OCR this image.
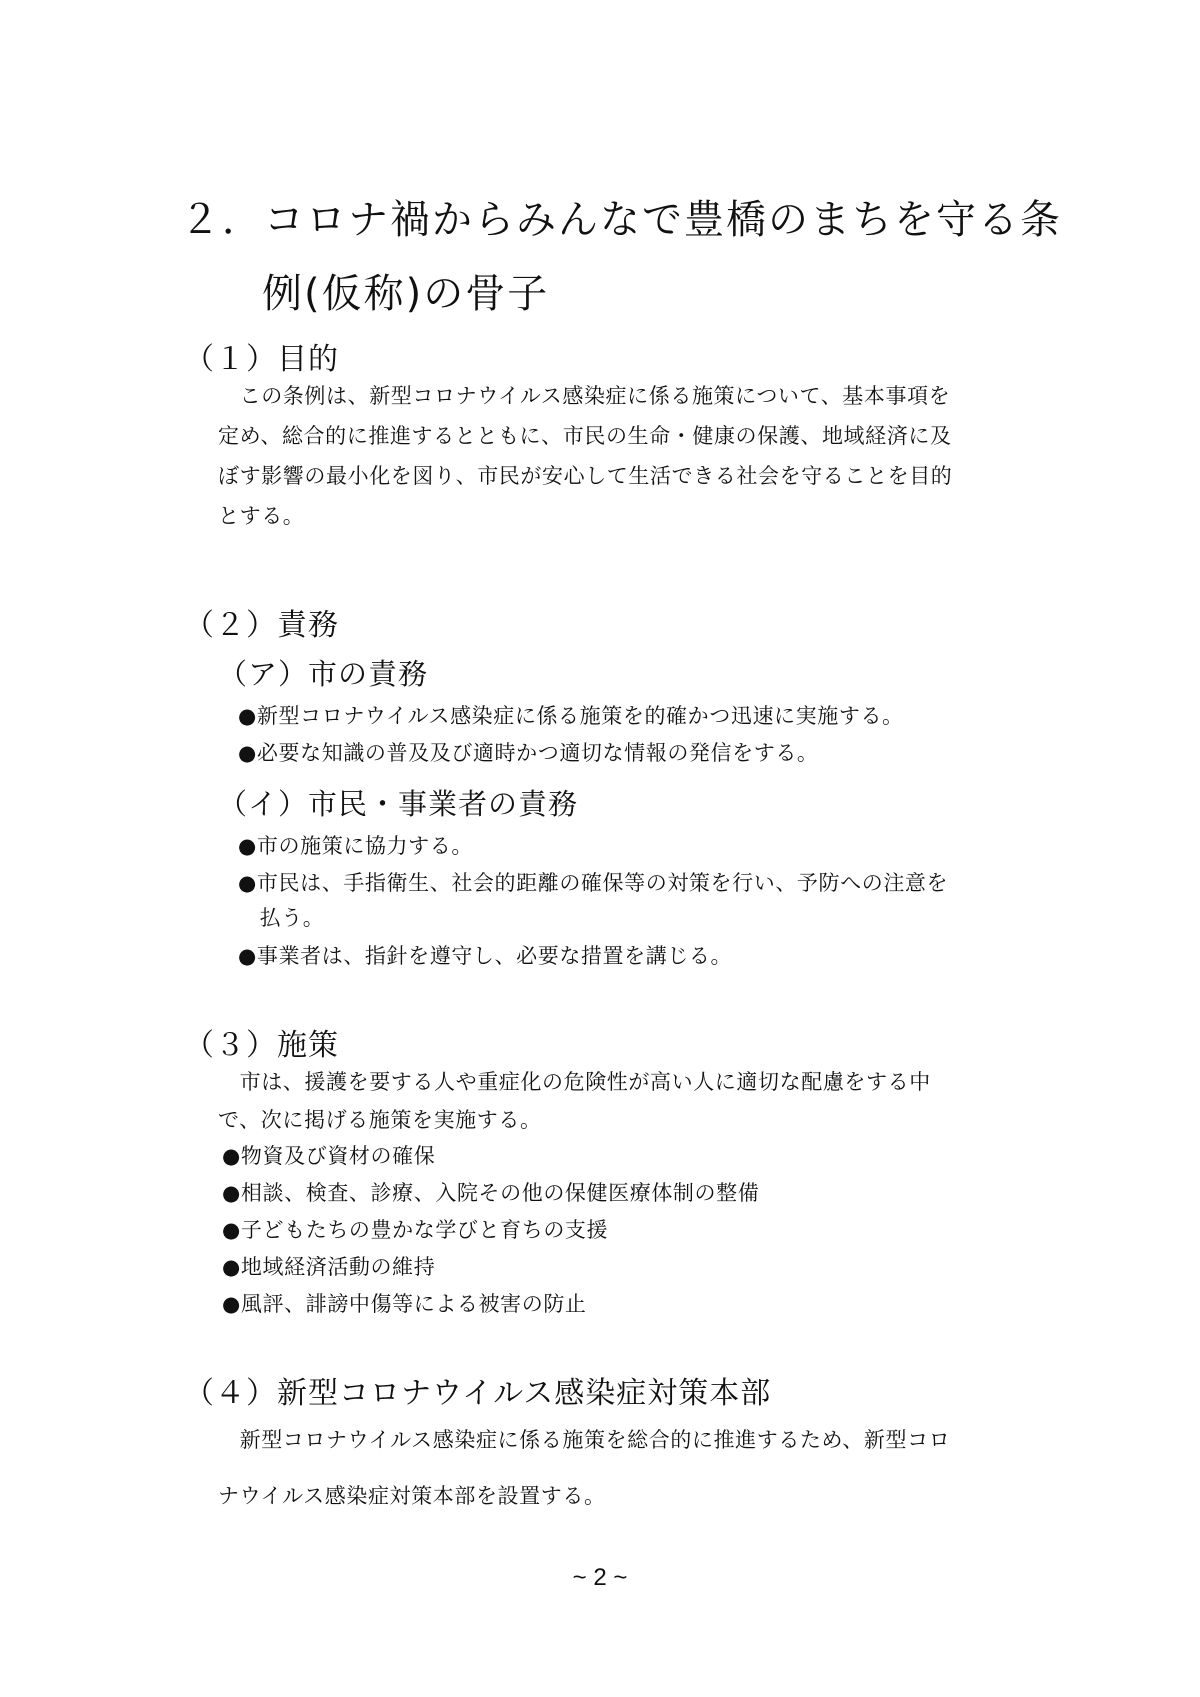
２．コロナ禍からみんなで豊橋のまちを守る条
例(仮称)の骨子
（１）目的
　この条例は、新型コロナウイルス感染症に係る施策について、基本事項を
定め、総合的に推進するとともに、市民の生命・健康の保護、地域経済に及
ぼす影響の最小化を図り、市民が安心して生活できる社会を守ることを目的
とする。
（２）責務
（ア）市の責務
●新型コロナウイルス感染症に係る施策を的確かつ迅速に実施する。
●必要な知識の普及及び適時かつ適切な情報の発信をする。
（イ）市民・事業者の責務
●市の施策に協力する。
●市民は、手指衛生、社会的距離の確保等の対策を行い、予防への注意を
　払う。
●事業者は、指針を遵守し、必要な措置を講じる。
（３）施策
　市は、援護を要する人や重症化の危険性が高い人に適切な配慮をする中
で、次に掲げる施策を実施する。
●物資及び資材の確保
●相談、検査、診療、入院その他の保健医療体制の整備
●子どもたちの豊かな学びと育ちの支援
●地域経済活動の維持
●風評、誹謗中傷等による被害の防止
（４）新型コロナウイルス感染症対策本部
　新型コロナウイルス感染症に係る施策を総合的に推進するため、新型コロ
ナウイルス感染症対策本部を設置する。
~ 2 ~
